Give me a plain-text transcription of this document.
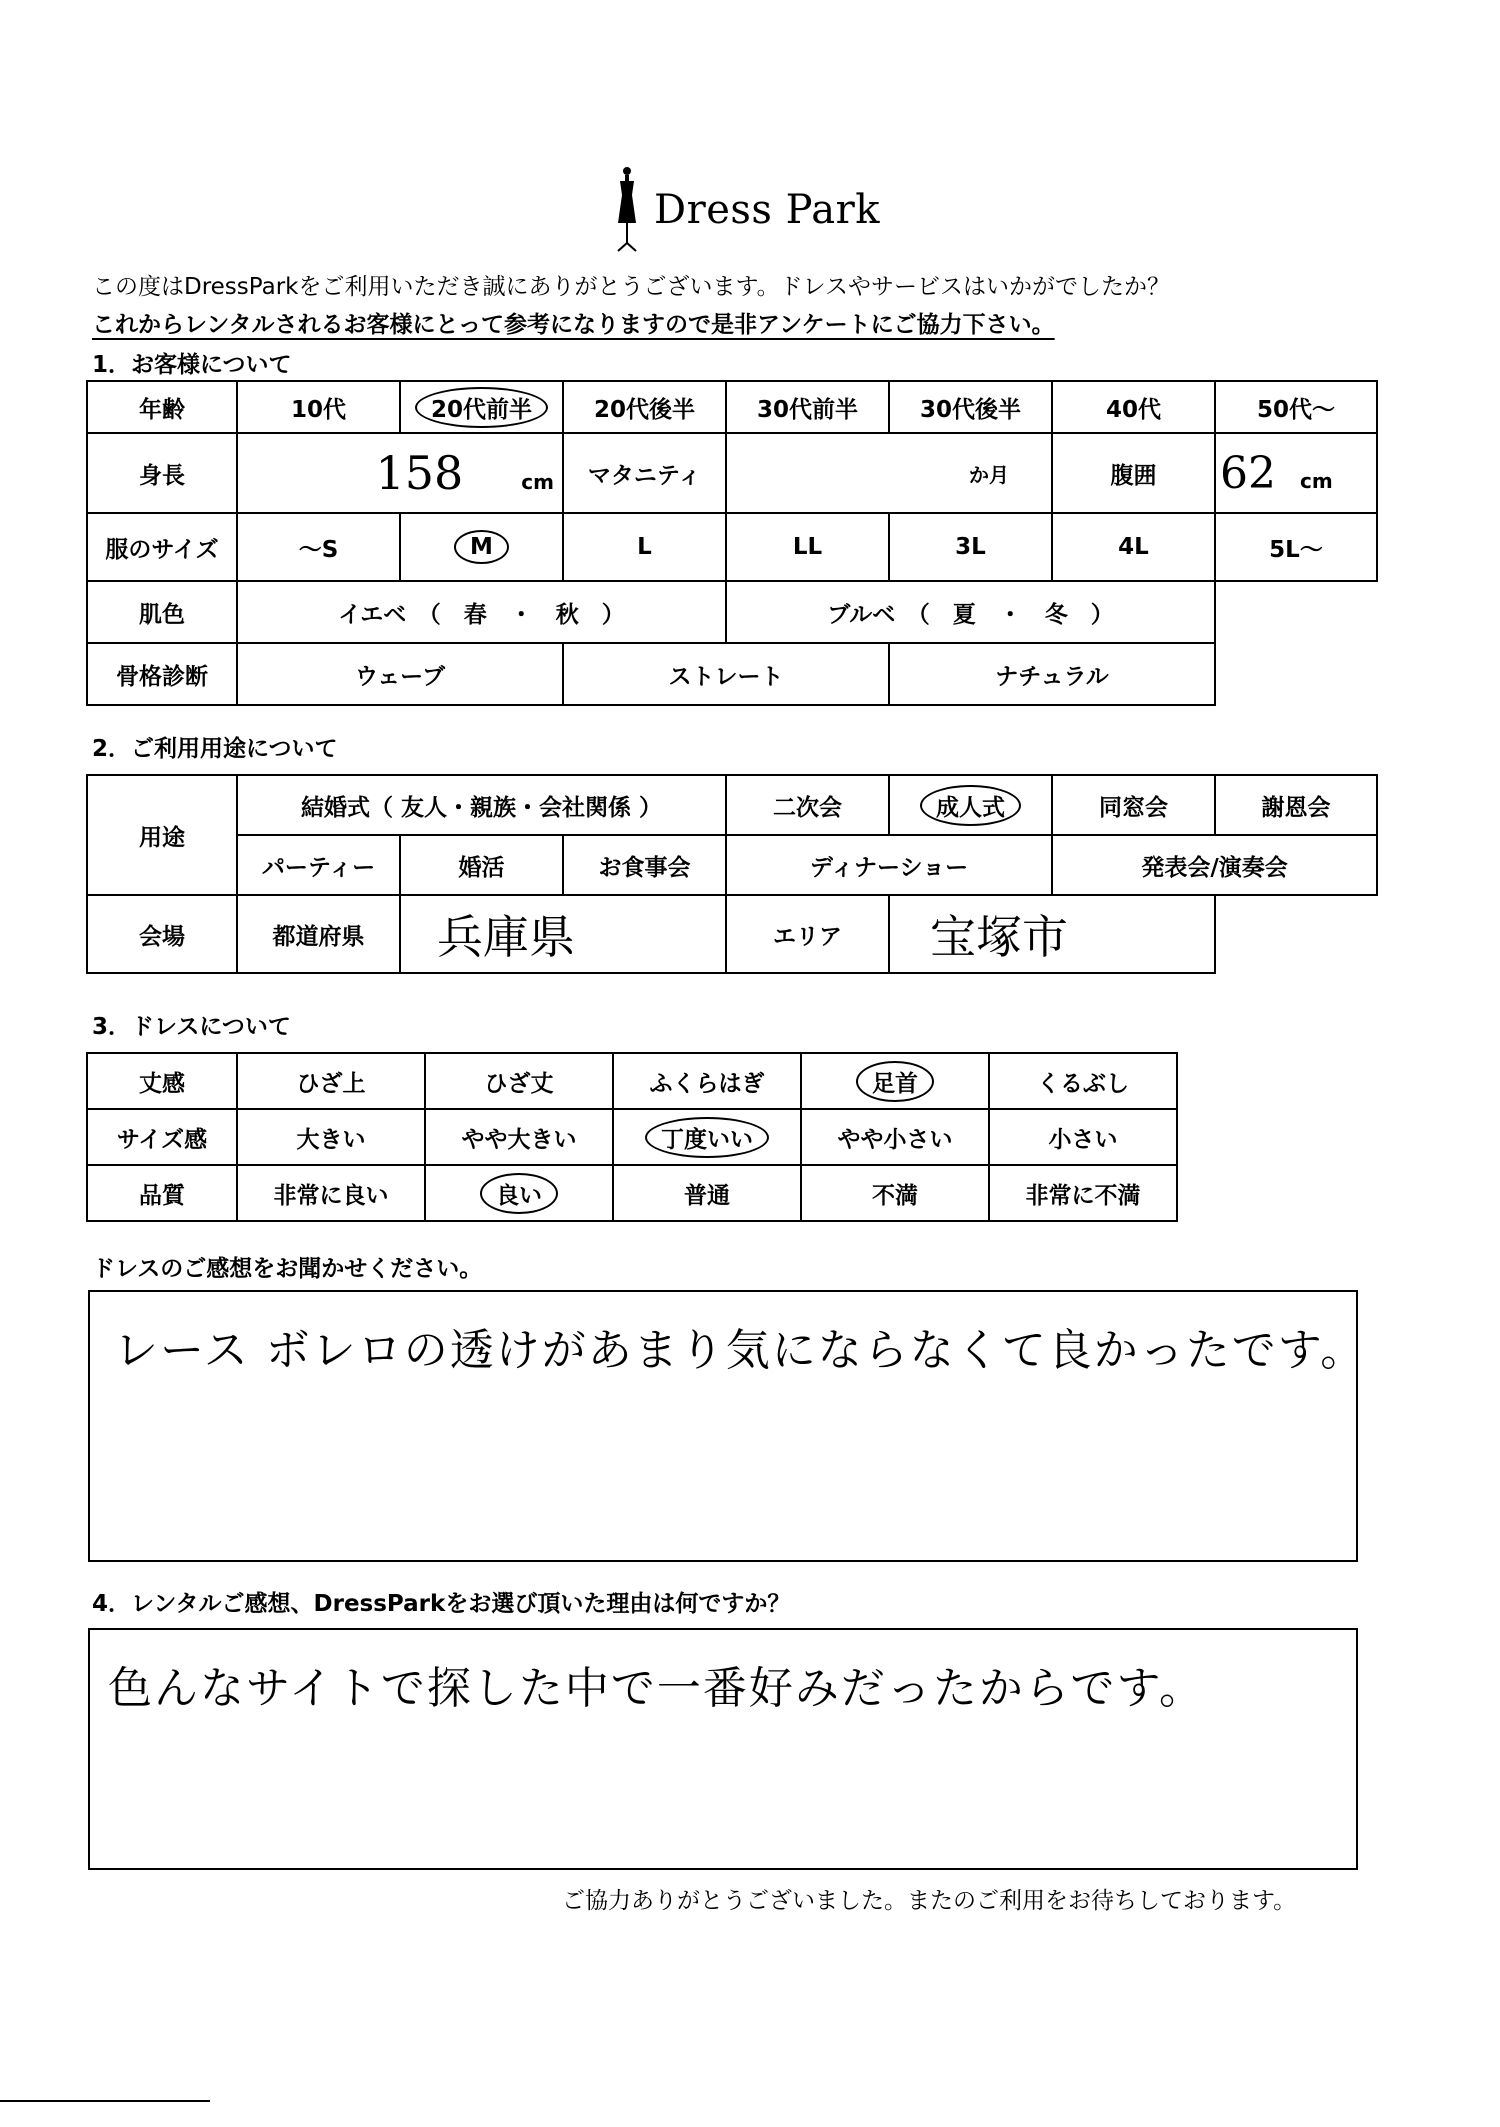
Dress Park
この度はDressParkをご利用いただき誠にありがとうございます。ドレスやサービスはいかがでしたか？
これからレンタルされるお客様にとって参考になりますので是非アンケートにご協力下さい。
1．お客様について
年齢	10代	20代前半	20代後半	30代前半	30代後半	40代	50代～
身長	158 cm		マタニティ	か月		腹囲	62 cm
服のサイズ	～S	M	L	LL	3L	4L	5L～
肌色	イエベ　（　春　・　秋　）			ブルベ　（　夏　・　冬　）			
骨格診断	ウェーブ		ストレート		ナチュラル		
2．ご利用用途について
用途	結婚式（ 友人・親族・会社関係 ）			二次会	成人式	同窓会	謝恩会
	パーティー	婚活	お食事会	ディナーショー		発表会/演奏会	
会場	都道府県	兵庫県		エリア	宝塚市		
3．ドレスについて
丈感	ひざ上	ひざ丈	ふくらはぎ	足首	くるぶし
サイズ感	大きい	やや大きい	丁度いい	やや小さい	小さい
品質	非常に良い	良い	普通	不満	非常に不満
ドレスのご感想をお聞かせください。
レース ボレロの透けがあまり気にならなくて良かったです。
4．レンタルご感想、DressParkをお選び頂いた理由は何ですか？
色んなサイトで探した中で一番好みだったからです。
ご協力ありがとうございました。またのご利用をお待ちしております。
